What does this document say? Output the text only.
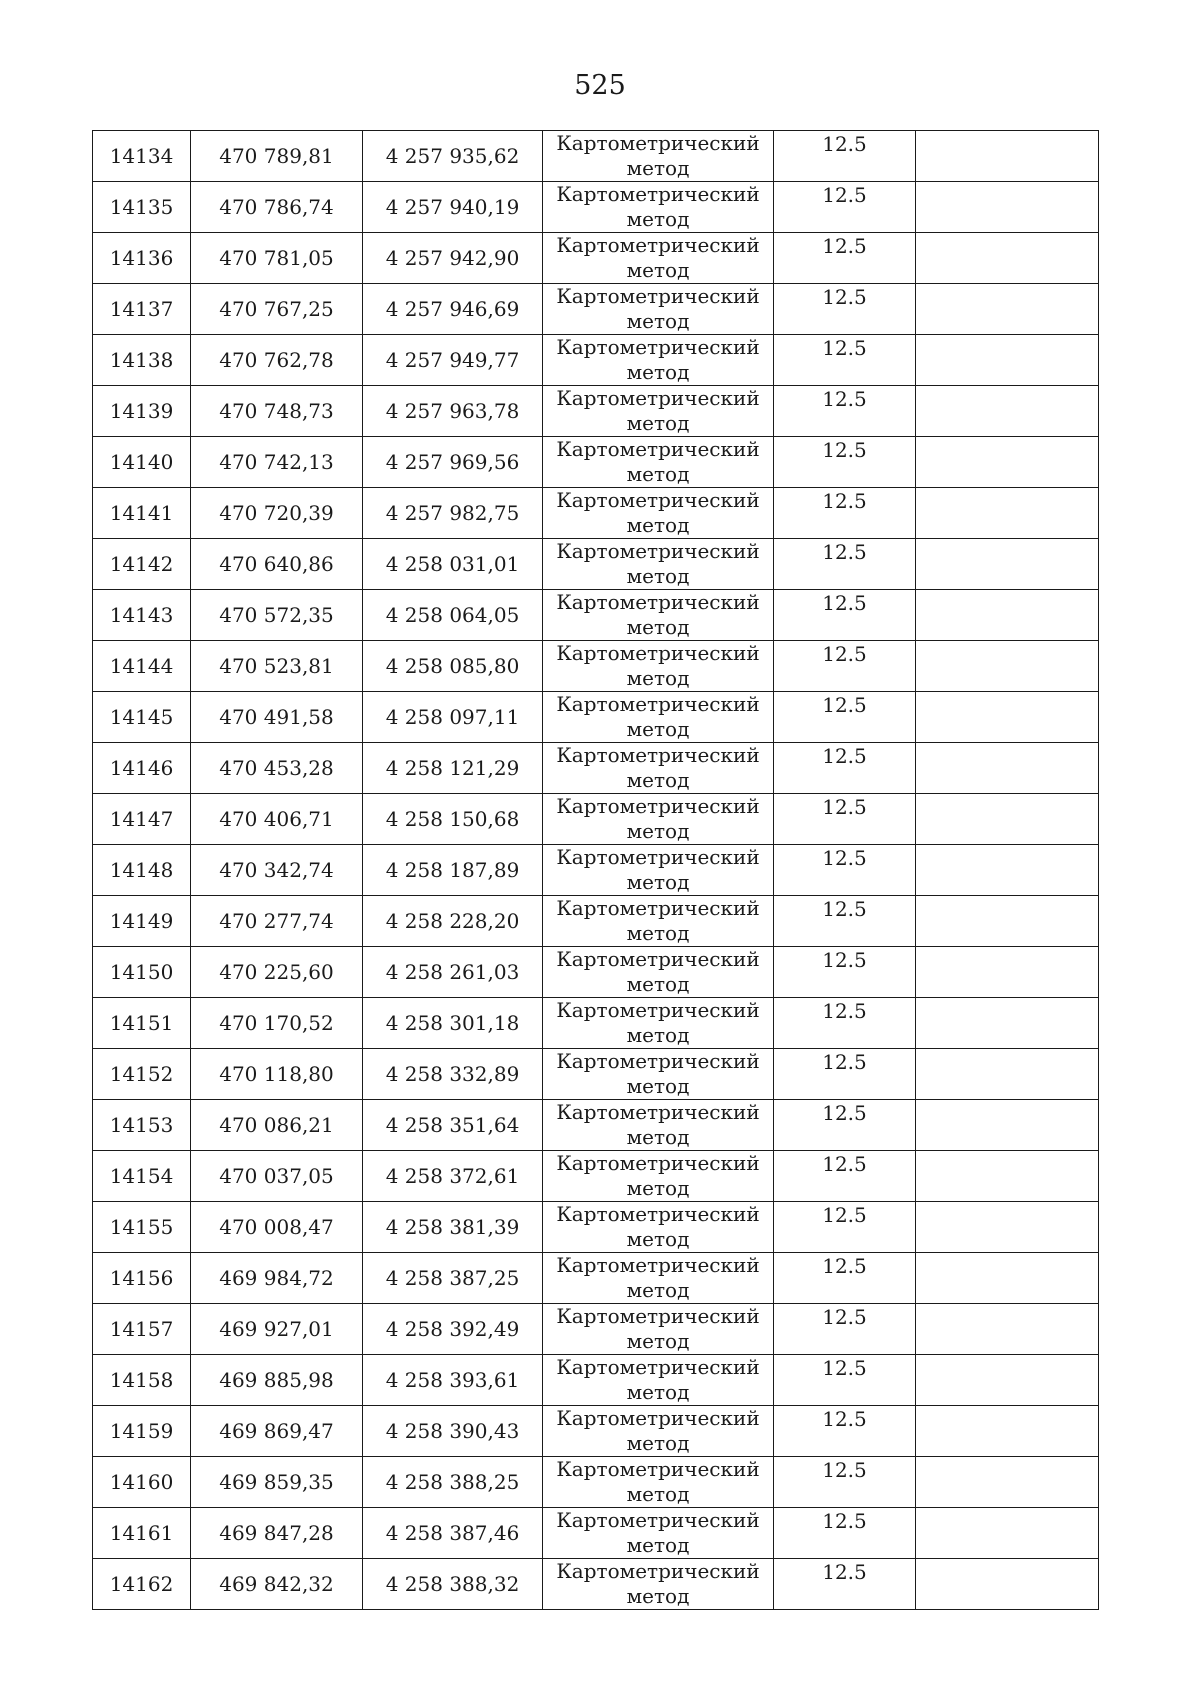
525
14134	470 789,81	4 257 935,62	Картометрический
метод	12.5	
14135	470 786,74	4 257 940,19	Картометрический
метод	12.5	
14136	470 781,05	4 257 942,90	Картометрический
метод	12.5	
14137	470 767,25	4 257 946,69	Картометрический
метод	12.5	
14138	470 762,78	4 257 949,77	Картометрический
метод	12.5	
14139	470 748,73	4 257 963,78	Картометрический
метод	12.5	
14140	470 742,13	4 257 969,56	Картометрический
метод	12.5	
14141	470 720,39	4 257 982,75	Картометрический
метод	12.5	
14142	470 640,86	4 258 031,01	Картометрический
метод	12.5	
14143	470 572,35	4 258 064,05	Картометрический
метод	12.5	
14144	470 523,81	4 258 085,80	Картометрический
метод	12.5	
14145	470 491,58	4 258 097,11	Картометрический
метод	12.5	
14146	470 453,28	4 258 121,29	Картометрический
метод	12.5	
14147	470 406,71	4 258 150,68	Картометрический
метод	12.5	
14148	470 342,74	4 258 187,89	Картометрический
метод	12.5	
14149	470 277,74	4 258 228,20	Картометрический
метод	12.5	
14150	470 225,60	4 258 261,03	Картометрический
метод	12.5	
14151	470 170,52	4 258 301,18	Картометрический
метод	12.5	
14152	470 118,80	4 258 332,89	Картометрический
метод	12.5	
14153	470 086,21	4 258 351,64	Картометрический
метод	12.5	
14154	470 037,05	4 258 372,61	Картометрический
метод	12.5	
14155	470 008,47	4 258 381,39	Картометрический
метод	12.5	
14156	469 984,72	4 258 387,25	Картометрический
метод	12.5	
14157	469 927,01	4 258 392,49	Картометрический
метод	12.5	
14158	469 885,98	4 258 393,61	Картометрический
метод	12.5	
14159	469 869,47	4 258 390,43	Картометрический
метод	12.5	
14160	469 859,35	4 258 388,25	Картометрический
метод	12.5	
14161	469 847,28	4 258 387,46	Картометрический
метод	12.5	
14162	469 842,32	4 258 388,32	Картометрический
метод	12.5	
